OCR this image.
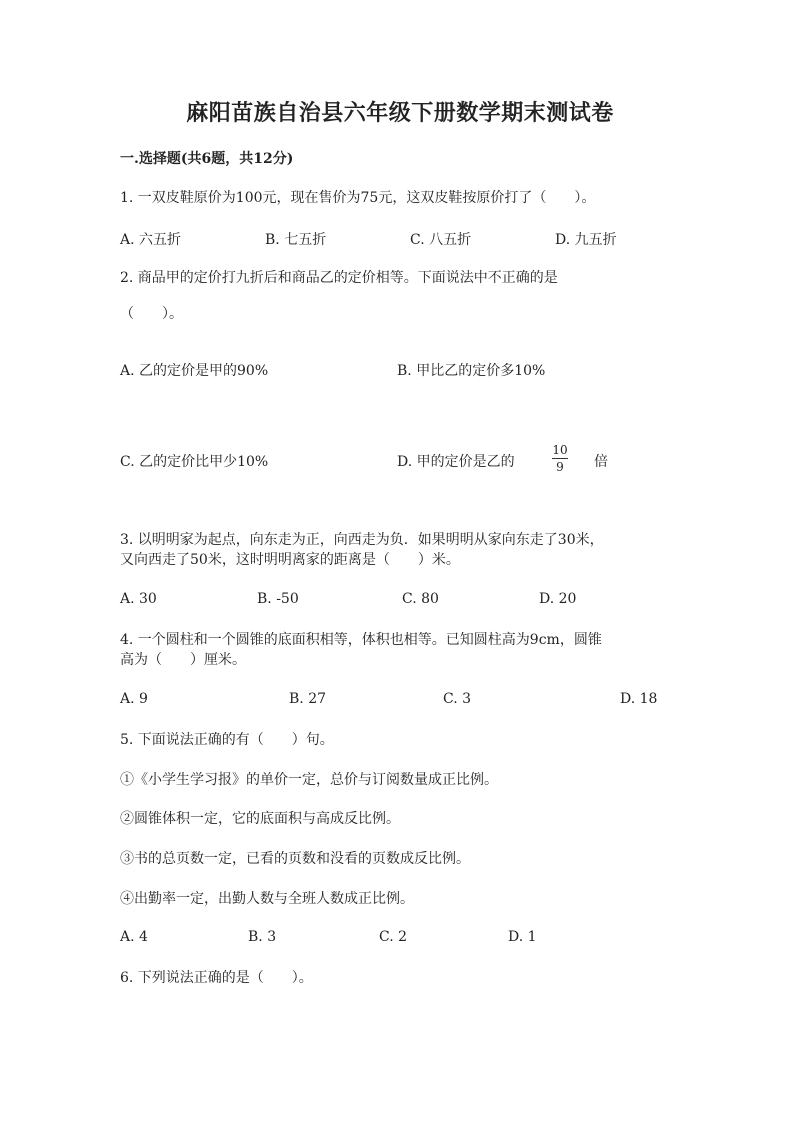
麻阳苗族自治县六年级下册数学期末测试卷
一.选择题(共6题，共12分)
1. 一双皮鞋原价为100元，现在售价为75元，这双皮鞋按原价打了（　　）。
A. 六五折	B. 七五折	C. 八五折	D. 九五折
2. 商品甲的定价打九折后和商品乙的定价相等。下面说法中不正确的是
（　　）。
A. 乙的定价是甲的90%	B. 甲比乙的定价多10%
C. 乙的定价比甲少10%	D. 甲的定价是乙的	$\frac{10}{9}$ 倍
3. 以明明家为起点，向东走为正，向西走为负．如果明明从家向东走了30米，
又向西走了50米，这时明明离家的距离是（　　）米。
A. 30	B. -50	C. 80	D. 20
4. 一个圆柱和一个圆锥的底面积相等，体积也相等。已知圆柱高为9cm，圆锥
高为（　　）厘米。
A. 9	B. 27	C. 3	D. 18
5. 下面说法正确的有（　　）句。
①《小学生学习报》的单价一定，总价与订阅数量成正比例。
②圆锥体积一定，它的底面积与高成反比例。
③书的总页数一定，已看的页数和没看的页数成反比例。
④出勤率一定，出勤人数与全班人数成正比例。
A. 4	B. 3	C. 2	D. 1
6. 下列说法正确的是（　　）。
